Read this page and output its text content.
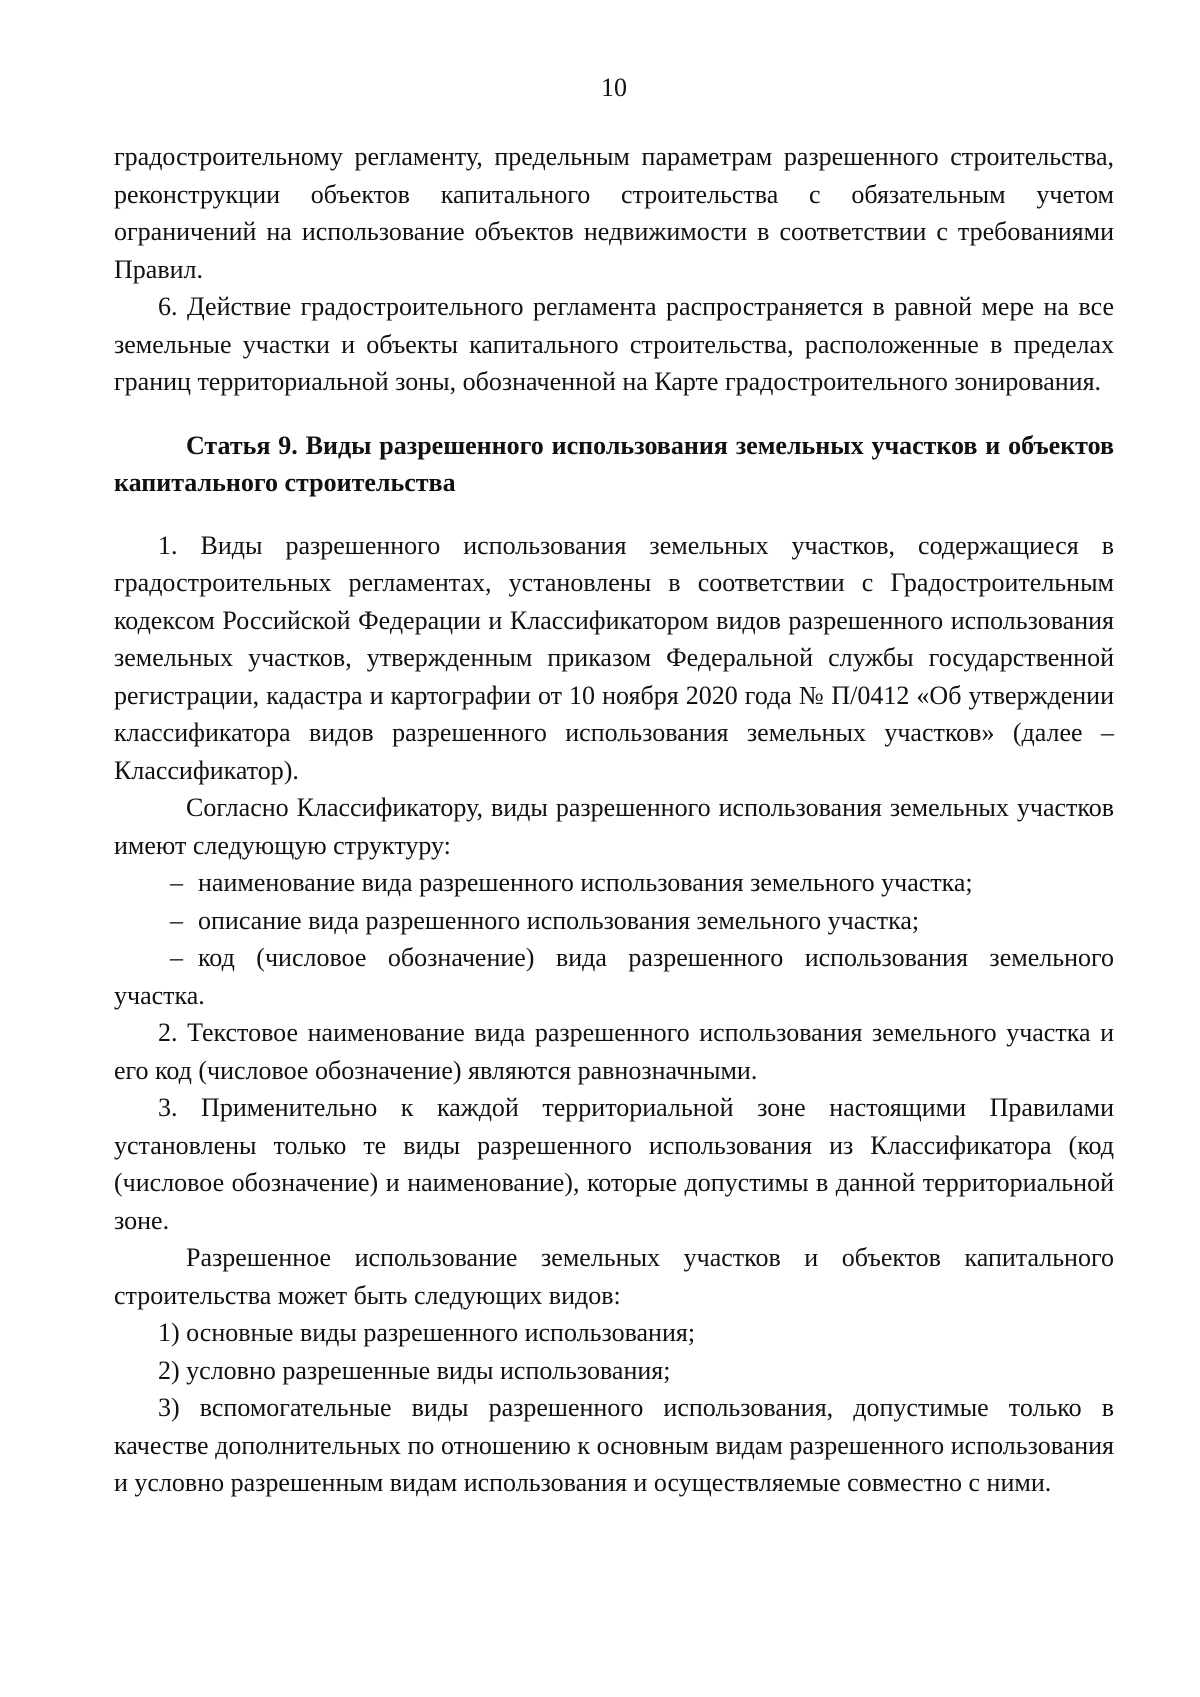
10

градостроительному регламенту, предельным параметрам разрешенного строительства, реконструкции объектов капитального строительства с обязательным учетом ограничений на использование объектов недвижимости в соответствии с требованиями Правил.

6. Действие градостроительного регламента распространяется в равной мере на все земельные участки и объекты капитального строительства, расположенные в пределах границ территориальной зоны, обозначенной на Карте градостроительного зонирования.

Статья 9. Виды разрешенного использования земельных участков и объектов капитального строительства

1. Виды разрешенного использования земельных участков, содержащиеся в градостроительных регламентах, установлены в соответствии с Градостроительным кодексом Российской Федерации и Классификатором видов разрешенного использования земельных участков, утвержденным приказом Федеральной службы государственной регистрации, кадастра и картографии от 10 ноября 2020 года № П/0412 «Об утверждении классификатора видов разрешенного использования земельных участков» (далее – Классификатор).

Согласно Классификатору, виды разрешенного использования земельных участков имеют следующую структуру:

– наименование вида разрешенного использования земельного участка;

– описание вида разрешенного использования земельного участка;

– код (числовое обозначение) вида разрешенного использования земельного участка.

2. Текстовое наименование вида разрешенного использования земельного участка и его код (числовое обозначение) являются равнозначными.

3. Применительно к каждой территориальной зоне настоящими Правилами установлены только те виды разрешенного использования из Классификатора (код (числовое обозначение) и наименование), которые допустимы в данной территориальной зоне.

Разрешенное использование земельных участков и объектов капитального строительства может быть следующих видов:

1) основные виды разрешенного использования;

2) условно разрешенные виды использования;

3) вспомогательные виды разрешенного использования, допустимые только в качестве дополнительных по отношению к основным видам разрешенного использования и условно разрешенным видам использования и осуществляемые совместно с ними.
